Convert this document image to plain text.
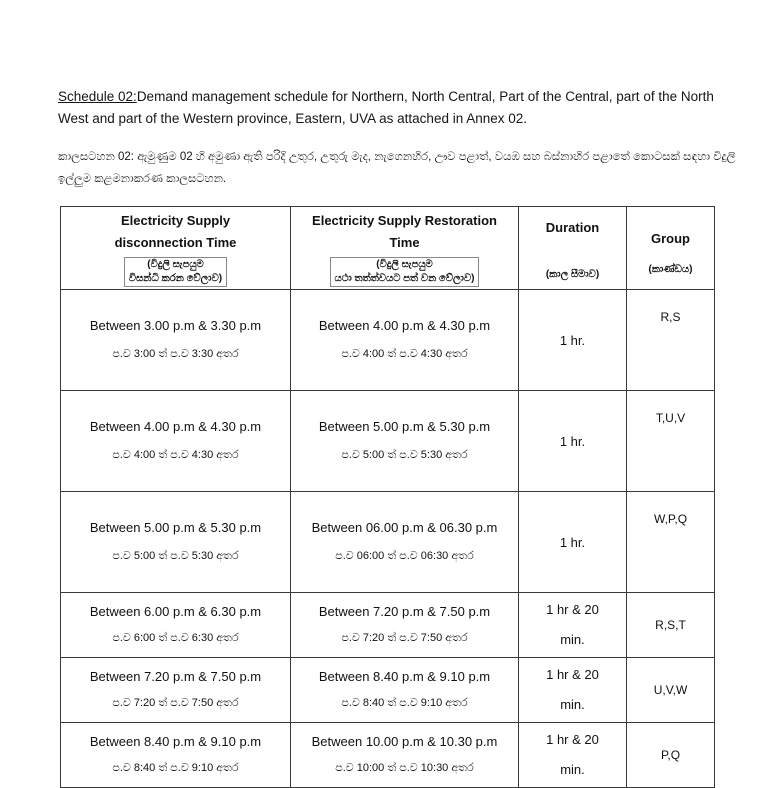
Schedule 02:Demand management schedule for Northern, North Central, Part of the Central, part of the North West and part of the Western province, Eastern, UVA as attached in Annex 02.

කාලසටහන 02: ඇමුණුම 02 හි අමුණා ඇති පරිදි උතුර, උතුරු මැද, නැගෙනහිර, ඌව පළාත්, වයඹ සහ බස්නාහිර පළාතේ කොටසක් සඳහා විදුලි ඉල්ලුම කළමනාකරණ කාලසටහන.

Electricity Supply
disconnection Time
(විදුලි සැපයුම
විසන්ධි කරන වේලාව)	Electricity Supply Restoration
Time
(විදුලි සැපයුම
යථා තත්ත්වයට පත් වන වේලාව)	Duration
(කාල සීමාව)	Group
(කාණ්ඩය)

Between 3.00 p.m & 3.30 p.m
ප.ව 3:00 ත් ප.ව 3:30 අතර	Between 4.00 p.m & 4.30 p.m
ප.ව 4:00 ත් ප.ව 4:30 අතර	1 hr.	R,S

Between 4.00 p.m & 4.30 p.m
ප.ව 4:00 ත් ප.ව 4:30 අතර	Between 5.00 p.m & 5.30 p.m
ප.ව 5:00 ත් ප.ව 5:30 අතර	1 hr.	T,U,V

Between 5.00 p.m & 5.30 p.m
ප.ව 5:00 ත් ප.ව 5:30 අතර	Between 06.00 p.m & 06.30 p.m
ප.ව 06:00 ත් ප.ව 06:30 අතර	1 hr.	W,P,Q

Between 6.00 p.m & 6.30 p.m
ප.ව 6:00 ත් ප.ව 6:30 අතර	Between 7.20 p.m & 7.50 p.m
ප.ව 7:20 ත් ප.ව 7:50 අතර	1 hr & 20
min.	R,S,T

Between 7.20 p.m & 7.50 p.m
ප.ව 7:20 ත් ප.ව 7:50 අතර	Between 8.40 p.m & 9.10 p.m
ප.ව 8:40 ත් ප.ව 9:10 අතර	1 hr & 20
min.	U,V,W

Between 8.40 p.m & 9.10 p.m
ප.ව 8:40 ත් ප.ව 9:10 අතර	Between 10.00 p.m & 10.30 p.m
ප.ව 10:00 ත් ප.ව 10:30 අතර	1 hr & 20
min.	P,Q
